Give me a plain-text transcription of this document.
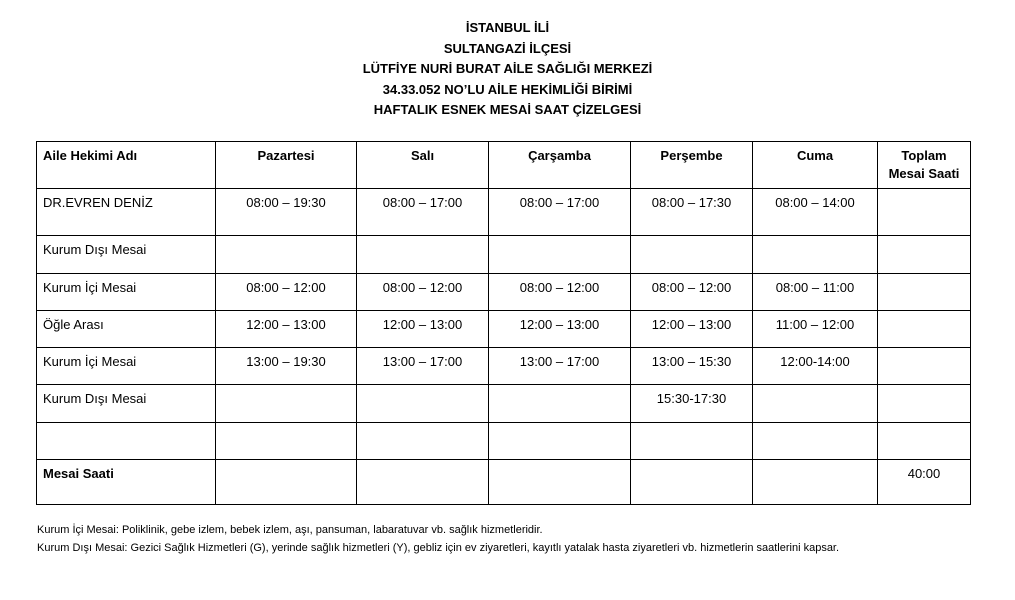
İSTANBUL İLİ
SULTANGAZİ İLÇESİ
LÜTFİYE NURİ BURAT AİLE SAĞLIĞI MERKEZİ
34.33.052 NO’LU AİLE HEKİMLİĞİ BİRİMİ
HAFTALIK ESNEK MESAİ SAAT ÇİZELGESİ
Aile Hekimi Adı	Pazartesi	Salı	Çarşamba	Perşembe	Cuma	Toplam Mesai Saati
DR.EVREN DENİZ	08:00 – 19:30	08:00 – 17:00	08:00 – 17:00	08:00 – 17:30	08:00 – 14:00	
Kurum Dışı Mesai						
Kurum İçi Mesai	08:00 – 12:00	08:00 – 12:00	08:00 – 12:00	08:00 – 12:00	08:00 – 11:00	
Öğle Arası	12:00 – 13:00	12:00 – 13:00	12:00 – 13:00	12:00 – 13:00	11:00 – 12:00	
Kurum İçi Mesai	13:00 – 19:30	13:00 – 17:00	13:00 – 17:00	13:00 – 15:30	12:00-14:00	
Kurum Dışı Mesai				15:30-17:30		

Mesai Saati						40:00
Kurum İçi Mesai: Poliklinik, gebe izlem, bebek izlem, aşı, pansuman, labaratuvar vb. sağlık hizmetleridir.
Kurum Dışı Mesai: Gezici Sağlık Hizmetleri (G), yerinde sağlık hizmetleri (Y), gebliz için ev ziyaretleri, kayıtlı yatalak hasta ziyaretleri vb. hizmetlerin saatlerini kapsar.
